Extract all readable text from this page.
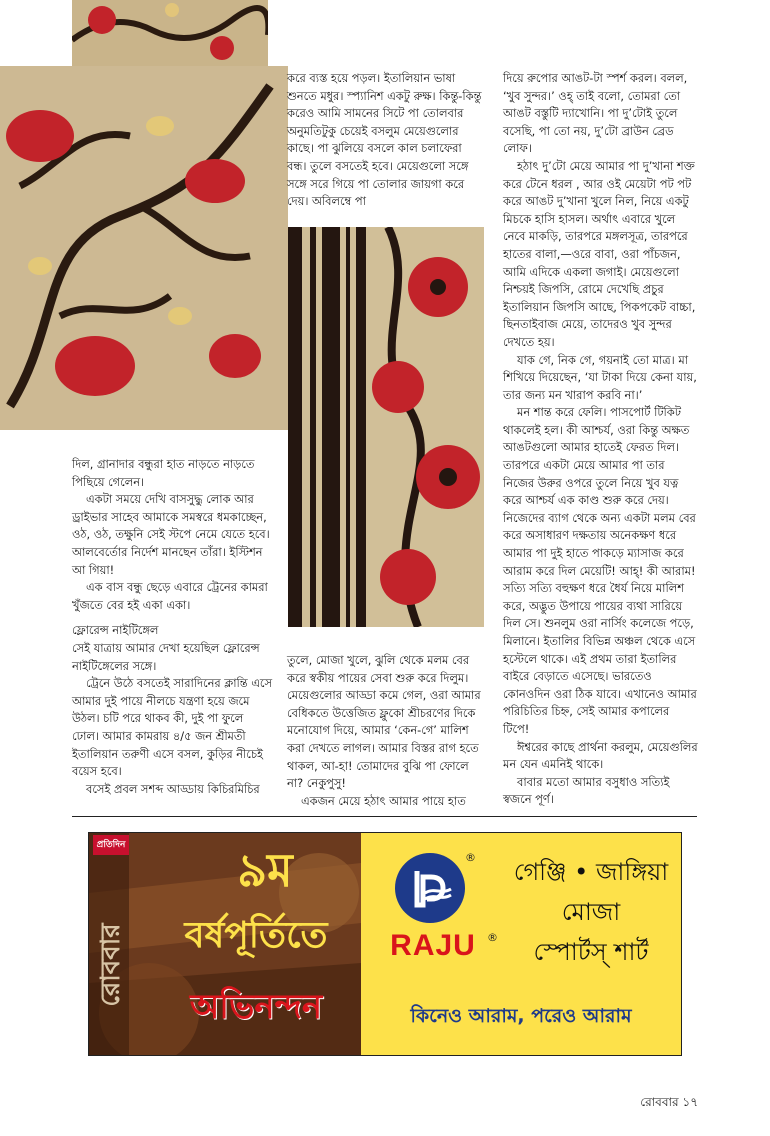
করে ব্যস্ত হয়ে পড়ল। ইতালিয়ান ভাষা শুনতে মধুর। স্প্যানিশ একটু রুক্ষ। কিন্তু-কিন্তু করেও আমি সামনের সিটে পা তোলবার অনুমতিটুকু চেয়েই বসলুম মেয়েগুলোর কাছে। পা ঝুলিয়ে বসলে কাল চলাফেরা বন্ধ। তুলে বসতেই হবে। মেয়েগুলো সঙ্গে সঙ্গে সরে গিয়ে পা তোলার জায়গা করে দেয়। অবিলম্বে পা

দিল, গ্রানাদার বন্ধুরা হাত নাড়তে নাড়তে পিছিয়ে গেলেন।

একটা সময়ে দেখি বাসসুদ্ধু লোক আর ড্রাইভার সাহেব আমাকে সমস্বরে ধমকাচ্ছেন, ওঠ, ওঠ, তক্ষুনি সেই স্টপে নেমে যেতে হবে। আলবের্তোর নির্দেশ মানছেন তাঁরা। ইস্টিশন আ গিয়া!

এক বাস বন্ধু ছেড়ে এবারে ট্রেনের কামরা খুঁজতে বের হই একা একা।

ফ্লোরেন্স নাইটিঙ্গেল

সেই যাত্রায় আমার দেখা হয়েছিল ফ্লোরেন্স নাইটিঙ্গেলের সঙ্গে।

ট্রেনে উঠে বসতেই সারাদিনের ক্লান্তি এসে আমার দুই পায়ে নীলচে যন্ত্রণা হয়ে জমে উঠল। চটি পরে থাকব কী, দুই পা ফুলে ঢোল। আমার কামরায় ৪/৫ জন শ্রীমতী ইতালিয়ান তরুণী এসে বসল, কুড়ির নীচেই বয়েস হবে।

বসেই প্রবল সশব্দ আড্ডায় কিচিরমিচির

তুলে, মোজা খুলে, ঝুলি থেকে মলম বের করে স্বকীয় পায়ের সেবা শুরু করে দিলুম। মেয়েগুলোর আড্ডা কমে গেল, ওরা আমার বেধিকতে উত্তেজিত ফ্লুকো শ্রীচরণের দিকে মনোযোগ দিয়ে, আমার ‘কেন-গে’ মালিশ করা দেখতে লাগল। আমার বিস্তর রাগ হতে থাকল, আ-হা! তোমাদের বুঝি পা ফোলে না? নেকুপুসু!

একজন মেয়ে হঠাৎ আমার পায়ে হাত

দিয়ে রুপোর আঙট-টা স্পর্শ করল। বলল, ‘খুব সুন্দর।’ ওহ্ তাই বলো, তোমরা তো আঙট বস্তুটি দ্যাখোনি। পা দু’টোই তুলে বসেছি, পা তো নয়, দু’টো ব্রাউন ব্রেড লোফ।

হঠাৎ দু’টো মেয়ে আমার পা দু’খানা শক্ত করে টেনে ধরল , আর ওই মেয়েটা পট পট করে আঙট দু’খানা খুলে নিল, নিয়ে একটু মিচকে হাসি হাসল। অর্থাৎ এবারে খুলে নেবে মাকড়ি, তারপরে মঙ্গলসূত্র, তারপরে হাতের বালা,—ওরে বাবা, ওরা পাঁচজন, আমি এদিকে একলা জগাই। মেয়েগুলো নিশ্চয়ই জিপসি, রোমে দেখেছি প্রচুর ইতালিয়ান জিপসি আছে, পিকপকেট বাচ্চা, ছিনতাইবাজ মেয়ে, তাদেরও খুব সুন্দর দেখতে হয়।

যাক গে, নিক গে, গয়নাই তো মাত্র। মা শিখিয়ে দিয়েছেন, ‘যা টাকা দিয়ে কেনা যায়, তার জন্য মন খারাপ করবি না।’

মন শান্ত করে ফেলি। পাসপোর্ট টিকিট থাকলেই হল। কী আশ্চর্য, ওরা কিন্তু অক্ষত আঙটগুলো আমার হাতেই ফেরত দিল। তারপরে একটা মেয়ে আমার পা তার নিজের উরুর ওপরে তুলে নিয়ে খুব যত্ন করে আশ্চর্য এক কাণ্ড শুরু করে দেয়। নিজেদের ব্যাগ থেকে অন্য একটা মলম বের করে অসাধারণ দক্ষতায় অনেকক্ষণ ধরে আমার পা দুই হাতে পাকড়ে ম্যাসাজ করে আরাম করে দিল মেয়েটি! আহ্! কী আরাম! সত্যি সত্যি বহুক্ষণ ধরে ধৈর্য নিয়ে মালিশ করে, অদ্ভুত উপায়ে পায়ের ব্যথা সারিয়ে দিল সে। শুনলুম ওরা নার্সিং কলেজে পড়ে, মিলানে। ইতালির বিভিন্ন অঞ্চল থেকে এসে হস্টেলে থাকে। এই প্রথম তারা ইতালির বাইরে বেড়াতে এসেছে। ভারতেও কোনওদিন ওরা ঠিক যাবে। এখানেও আমার পরিচিতির চিহ্ন, সেই আমার কপালের টিপে!

ঈশ্বরের কাছে প্রার্থনা করলুম, মেয়েগুলির মন যেন এমনিই থাকে।

বাবার মতো আমার বসুধাও সত্যিই স্বজনে পূর্ণ।

প্রতিদিন
রোববার
৯ম
বর্ষপূর্তিতে
অভিনন্দন
®
RAJU	®
গেঞ্জি • জাঙ্গিয়া
মোজা
স্পোর্টস্ শার্ট
কিনেও আরাম, পরেও আরাম
রোববার ১৭
